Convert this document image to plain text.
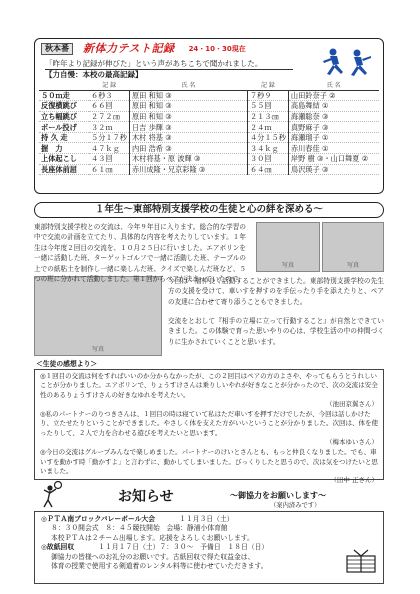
秋本番	新体力テスト記録 24・10・30現在
「昨年より記録が伸びた」という声があちこちで聞かれました。
【力自慢：本校の最高記録】
	記 録	氏 名	記 録	氏 名
５０ｍ走	６秒３	原田 和知 ③	７秒９	山田鈴奈子 ②
反復横跳び	６６回	原田 和知 ③	５５回	高島舞結 ①
立ち幅跳び	２７２㎝	原田 和知 ③	２１３㎝	海瀬聡奈 ③
ボール投げ	３２ｍ	日吉 歩輝 ③	２４ｍ	真野麻子 ③
持 久 走	５分１７秒	木村 将基 ③	４分１５秒	海瀬瑠子 ①
握　力	４７ｋｇ	内田 浩希 ③	３４ｋｇ	赤川春佳 ①
上体起こし	４３回	木村将基・原 波輝 ③	３０回	岸野 樹 ③・山口舞夏 ②
長座体前屈	６１㎝	赤川成隆・兄京彩隆 ③	６４㎝	鳥沢瑛子 ③
１年生～東部特別支援学校の生徒と心の絆を深める～
写真	写真
写真

東部特別支援学校との交流は、今年９年目に入ります。総合的な学習の中で交流の計画を立てたり、具体的な内容を考えたりしています。１年生は今年度２回目の交流を、１０月２５日に行いました。エアボリンを一緒に活動した班、ターゲットゴルフで一緒に活動した班、テーブルの上での紙粘土を制作し一緒に楽しんだ班、クイズで楽しんだ班など、５つの班に分かれて活動しました。第１回からペアが決まっていたので、

今回は一層仲良く活動することができました。東部特別支援学校の先生方の支援を受けて、車いすを押すのを手伝ったり手を添えたりと、ペアの友達に合わせて寄り添うこともできました。

交流をとおして『相手の立場に立って行動すること』が自然とできていきました。この体験で育った思いやりの心は、学校生活の中の仲間づくりに生かされていくことと思います。

＜生徒の感想より＞

◎１回目の交流は何をすればいいのか分からなかったが、この２回目はペアの方のよさや、やってもらうとうれしいことが分かりました。エアボリンで、りょうすけさんは乗りしいやれが好きなことが分かったので、次の交流は安全性のあるりょうすけさんの好きなゆれを考えたい。
（池田京翼さん）

◎私のパートナーのりつきさんは、１回目の時は寝ていて私はただ車いすを押すだけでしたが、今回は話しかけたり、立たせたりということができました。やさしく体を支えた方がいいということが分かりました。次回は、体を使ったりして、２人で力を合わせる遊びを考えたいと思います。
（梅本ゆいさん）

◎今日の交流はグループみんなで楽しめました。パートナーのけいとさんとも、もっと仲良くなりました。でも、車いすを動かす時「動かすよ」と言わずに、動かしてしまいました。びっくりしたと思うので、次は気をつけたいと思いました。
（田中 正さん）

お知らせ	～御協力をお願いします～
（案内済みです）
◎ＰＴＡ南ブロックバレーボール大会	１１月３日（土）
８：３０開会式　８：４５競技開始　会場：静浦小体育館
本校ＰＴＡは２チーム出場します。応援をよろしくお願いします。
◎故紙回収	１１月１７日（土）７：３０～　予備日　１８日（日）
御協力の皆様へのお礼分のお願いです。古紙回収で得た収益金は、
体育の授業で使用する剣道着のレンタル料等に使わせていただきます。
